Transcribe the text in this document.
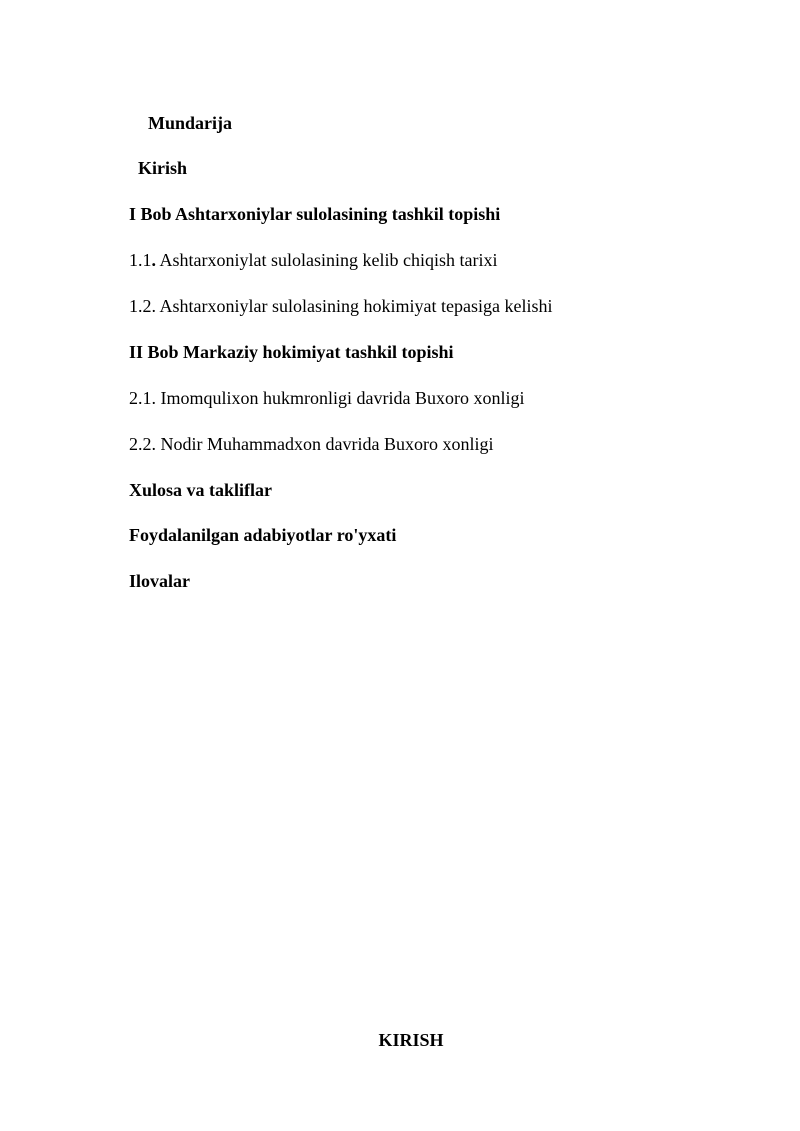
Mundarija
Kirish
I Bob Ashtarxoniylar sulolasining tashkil topishi
1.1. Ashtarxoniylat sulolasining kelib chiqish tarixi
1.2. Ashtarxoniylar sulolasining hokimiyat tepasiga kelishi
II Bob Markaziy hokimiyat tashkil topishi
2.1. Imomqulixon hukmronligi davrida Buxoro xonligi
2.2. Nodir Muhammadxon davrida Buxoro xonligi
Xulosa va takliflar
Foydalanilgan adabiyotlar ro'yxati
Ilovalar
KIRISH
